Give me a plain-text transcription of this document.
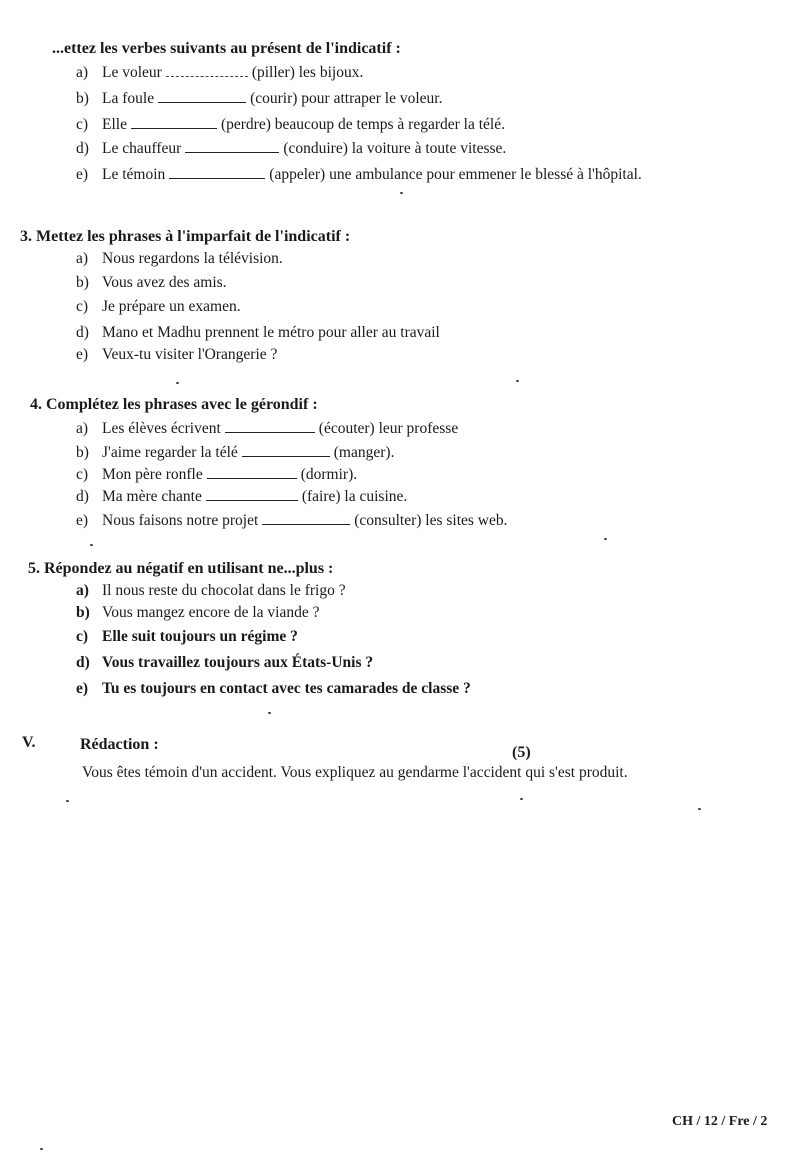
...ettez les verbes suivants au présent de l'indicatif :
a) Le voleur	(piller) les bijoux.
b) La foule	(courir) pour attraper le voleur.
c) Elle	(perdre) beaucoup de temps à regarder la télé.
d) Le chauffeur	(conduire) la voiture à toute vitesse.
e) Le témoin	(appeler) une ambulance pour emmener le blessé à l'hôpital.
3. Mettez les phrases à l'imparfait de l'indicatif :
a) Nous regardons la télévision.
b) Vous avez des amis.
c) Je prépare un examen.
d) Mano et Madhu prennent le métro pour aller au travail
e) Veux-tu visiter l'Orangerie ?
4. Complétez les phrases avec le gérondif :
a) Les élèves écrivent	(écouter) leur professe
b) J'aime regarder la télé	(manger).
c) Mon père ronfle	(dormir).
d) Ma mère chante	(faire) la cuisine.
e) Nous faisons notre projet	(consulter) les sites web.
5. Répondez au négatif en utilisant ne...plus :
a) Il nous reste du chocolat dans le frigo ?
b) Vous mangez encore de la viande ?
c) Elle suit toujours un régime ?
d) Vous travaillez toujours aux États-Unis ?
e) Tu es toujours en contact avec tes camarades de classe ?
V.	Rédaction :	(5)
Vous êtes témoin d'un accident. Vous expliquez au gendarme l'accident qui s'est produit.
CH / 12 / Fre / 2
